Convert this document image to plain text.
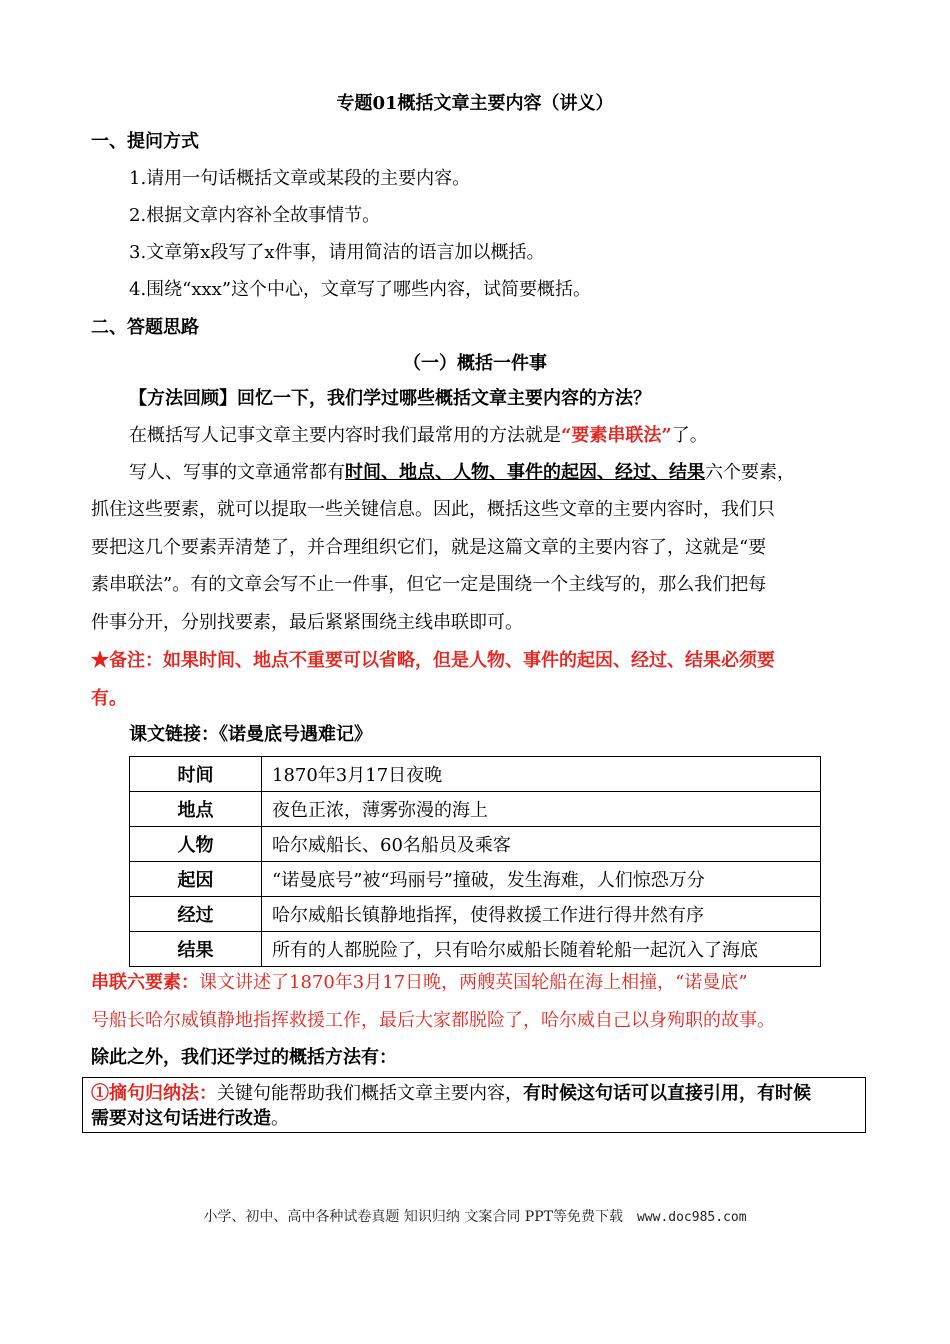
专题01概括文章主要内容（讲义）
一、提问方式
1.请用一句话概括文章或某段的主要内容。
2.根据文章内容补全故事情节。
3.文章第x段写了x件事，请用简洁的语言加以概括。
4.围绕“xxx”这个中心，文章写了哪些内容，试简要概括。
二、答题思路
（一）概括一件事
【方法回顾】回忆一下，我们学过哪些概括文章主要内容的方法？
在概括写人记事文章主要内容时我们最常用的方法就是“要素串联法”了。
写人、写事的文章通常都有时间、地点、人物、事件的起因、经过、结果六个要素，
抓住这些要素，就可以提取一些关键信息。因此，概括这些文章的主要内容时，我们只
要把这几个要素弄清楚了，并合理组织它们，就是这篇文章的主要内容了，这就是“要
素串联法”。有的文章会写不止一件事，但它一定是围绕一个主线写的，那么我们把每
件事分开，分别找要素，最后紧紧围绕主线串联即可。
★备注：如果时间、地点不重要可以省略，但是人物、事件的起因、经过、结果必须要
有。
课文链接：《诺曼底号遇难记》
时间	1870年3月17日夜晚
地点	夜色正浓，薄雾弥漫的海上
人物	哈尔威船长、60名船员及乘客
起因	“诺曼底号”被“玛丽号”撞破，发生海难，人们惊恐万分
经过	哈尔威船长镇静地指挥，使得救援工作进行得井然有序
结果	所有的人都脱险了，只有哈尔威船长随着轮船一起沉入了海底
串联六要素：课文讲述了1870年3月17日晚，两艘英国轮船在海上相撞，“诺曼底”
号船长哈尔威镇静地指挥救援工作，最后大家都脱险了，哈尔威自己以身殉职的故事。
除此之外，我们还学过的概括方法有：
①摘句归纳法：关键句能帮助我们概括文章主要内容，有时候这句话可以直接引用，有时候
需要对这句话进行改造。
小学、初中、高中各种试卷真题 知识归纳 文案合同 PPT等免费下载 www.doc985.com
